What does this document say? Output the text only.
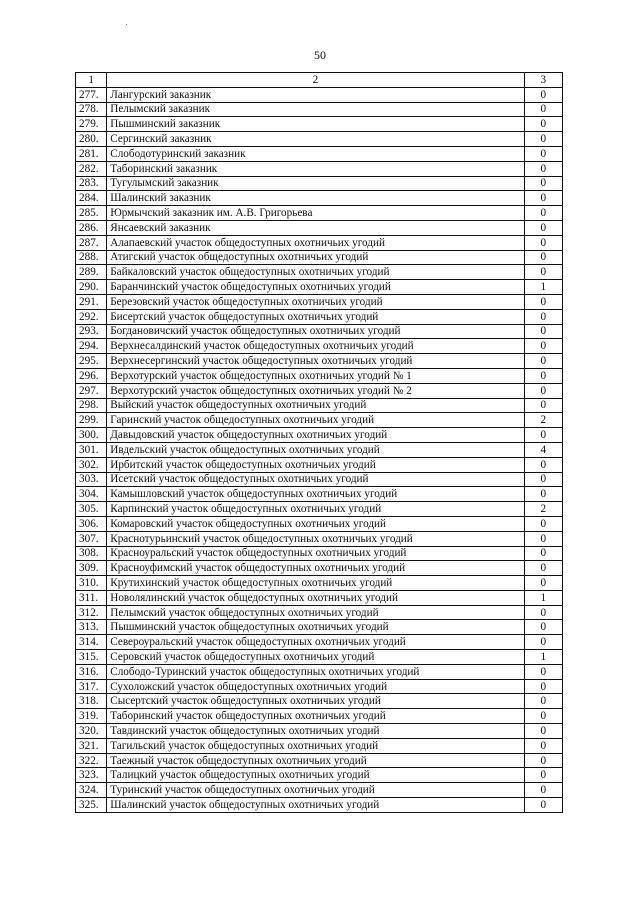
50
1	2	3
277.	Лангурский заказник	0
278.	Пелымский заказник	0
279.	Пышминский заказник	0
280.	Сергинский заказник	0
281.	Слободотуринский заказник	0
282.	Таборинский заказник	0
283.	Тугулымский заказник	0
284.	Шалинский заказник	0
285.	Юрмычский заказник им. А.В. Григорьева	0
286.	Янсаевский заказник	0
287.	Алапаевский участок общедоступных охотничьих угодий	0
288.	Атигский участок общедоступных охотничьих угодий	0
289.	Байкаловский участок общедоступных охотничьих угодий	0
290.	Баранчинский участок общедоступных охотничьих угодий	1
291.	Березовский участок общедоступных охотничьих угодий	0
292.	Бисертский участок общедоступных охотничьих угодий	0
293.	Богдановичский участок общедоступных охотничьих угодий	0
294.	Верхнесалдинский участок общедоступных охотничьих угодий	0
295.	Верхнесергинский участок общедоступных охотничьих угодий	0
296.	Верхотурский участок общедоступных охотничьих угодий № 1	0
297.	Верхотурский участок общедоступных охотничьих угодий № 2	0
298.	Выйский участок общедоступных охотничьих угодий	0
299.	Гаринский участок общедоступных охотничьих угодий	2
300.	Давыдовский участок общедоступных охотничьих угодий	0
301.	Ивдельский участок общедоступных охотничьих угодий	4
302.	Ирбитский участок общедоступных охотничьих угодий	0
303.	Исетский участок общедоступных охотничьих угодий	0
304.	Камышловский участок общедоступных охотничьих угодий	0
305.	Карпинский участок общедоступных охотничьих угодий	2
306.	Комаровский участок общедоступных охотничьих угодий	0
307.	Краснотурьинский участок общедоступных охотничьих угодий	0
308.	Красноуральский участок общедоступных охотничьих угодий	0
309.	Красноуфимский участок общедоступных охотничьих угодий	0
310.	Крутихинский участок общедоступных охотничьих угодий	0
311.	Новолялинский участок общедоступных охотничьих угодий	1
312.	Пелымский участок общедоступных охотничьих угодий	0
313.	Пышминский участок общедоступных охотничьих угодий	0
314.	Североуральский участок общедоступных охотничьих угодий	0
315.	Серовский участок общедоступных охотничьих угодий	1
316.	Слободо-Туринский участок общедоступных охотничьих угодий	0
317.	Сухоложский участок общедоступных охотничьих угодий	0
318.	Сысертский участок общедоступных охотничьих угодий	0
319.	Таборинский участок общедоступных охотничьих угодий	0
320.	Тавдинский участок общедоступных охотничьих угодий	0
321.	Тагильский участок общедоступных охотничьих угодий	0
322.	Таежный участок общедоступных охотничьих угодий	0
323.	Талицкий участок общедоступных охотничьих угодий	0
324.	Туринский участок общедоступных охотничьих угодий	0
325.	Шалинский участок общедоступных охотничьих угодий	0
